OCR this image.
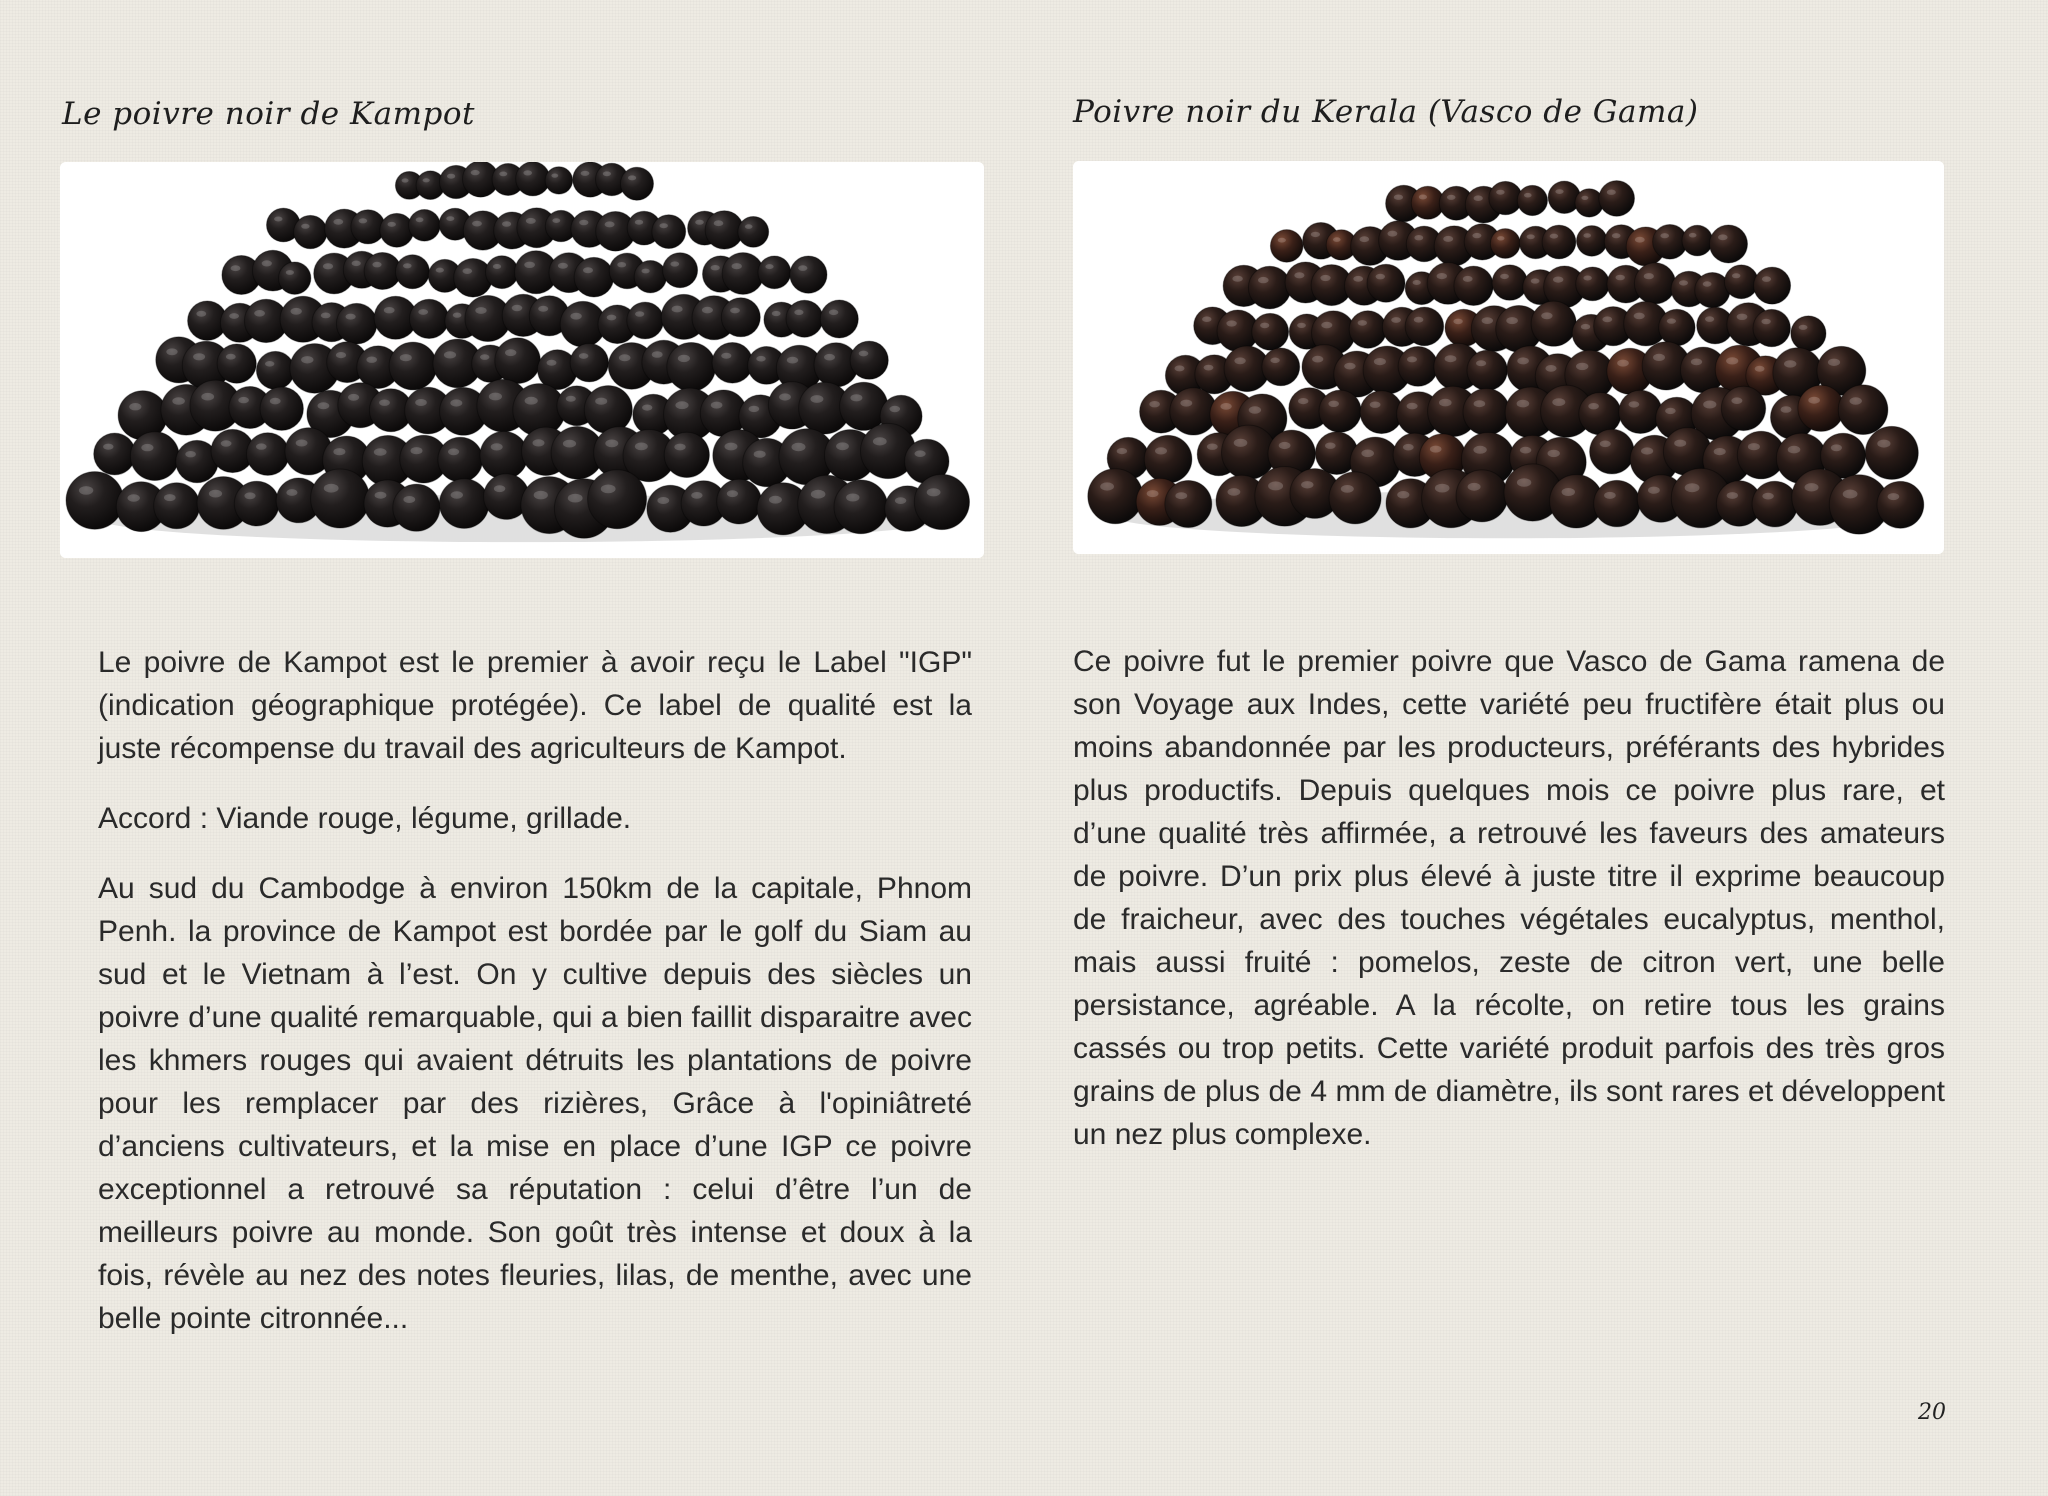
Le poivre noir de Kampot	Poivre noir du Kerala (Vasco de Gama)

Le poivre de Kampot est le premier à avoir reçu le Label "IGP" (indication géographique protégée). Ce label de qualité est la juste récompense du travail des agriculteurs de Kampot.

Accord : Viande rouge, légume, grillade.

Au sud du Cambodge à environ 150km de la capitale, Phnom Penh. la province de Kampot est bordée par le golf du Siam au sud et le Vietnam à l’est. On y cultive depuis des siècles un poivre d’une qualité remarquable, qui a bien faillit disparaitre avec les khmers rouges qui avaient détruits les plantations de poivre pour les remplacer par des rizières, Grâce à l'opiniâtreté d’anciens cultivateurs, et la mise en place d’une IGP ce poivre exceptionnel a retrouvé sa réputation : celui d’être l’un de meilleurs poivre au monde. Son goût très intense et doux à la fois, révèle au nez des notes fleuries, lilas, de menthe, avec une belle pointe citronnée...

Ce poivre fut le premier poivre que Vasco de Gama ramena de son Voyage aux Indes, cette variété peu fructifère était plus ou moins abandonnée par les producteurs, préférants des hybrides plus productifs. Depuis quelques mois ce poivre plus rare, et d’une qualité très affirmée, a retrouvé les faveurs des amateurs de poivre. D’un prix plus élevé à juste titre il exprime beaucoup de fraicheur, avec des touches végétales eucalyptus, menthol, mais aussi fruité : pomelos, zeste de citron vert, une belle persistance, agréable. A la récolte, on retire tous les grains cassés ou trop petits. Cette variété produit parfois des très gros grains de plus de 4 mm de diamètre, ils sont rares et développent un nez plus complexe.

20
